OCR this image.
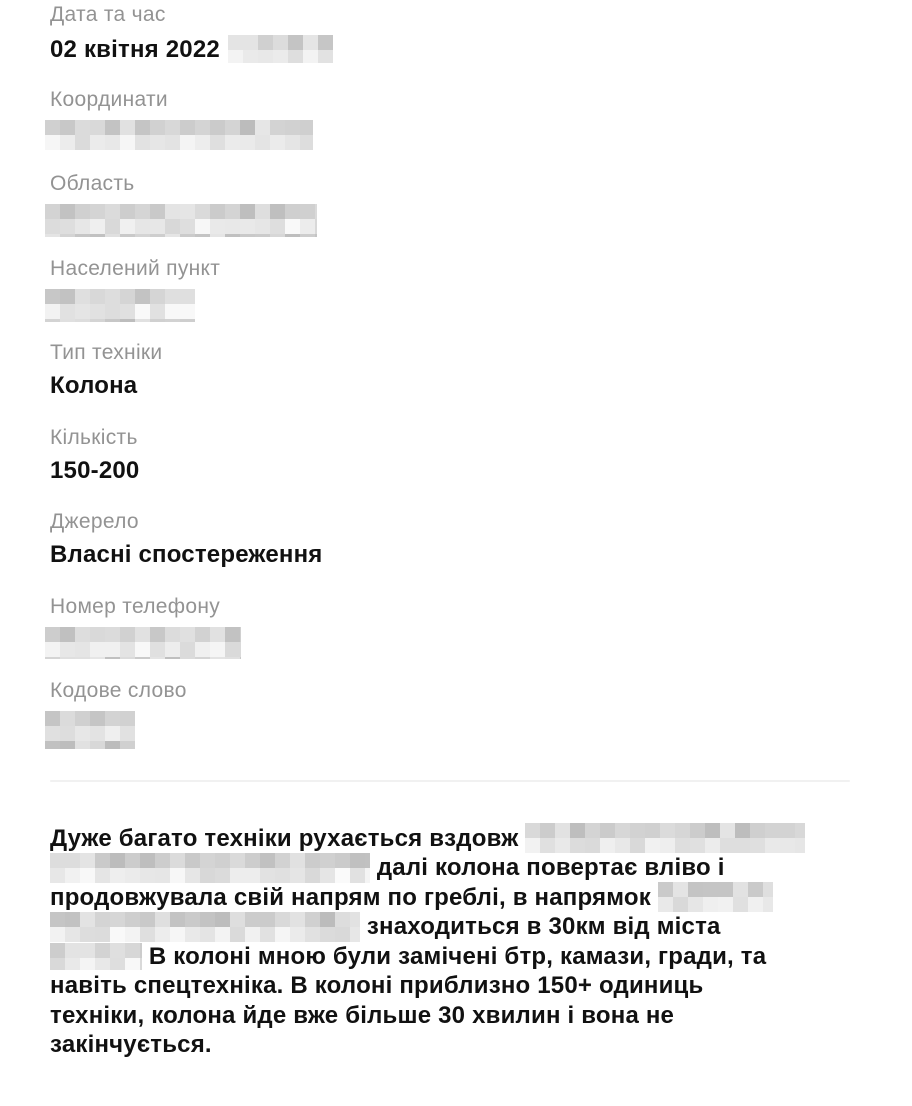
Дата та час
02 квітня 2022
Координати
Область
Населений пункт
Тип техніки
Колона
Кількість
150-200
Джерело
Власні спостереження
Номер телефону
Кодове слово
Дуже багато техніки рухається вздовж
далі колона повертає вліво і
продовжувала свій напрям по греблі, в напрямок
знаходиться в 30км від міста
В колоні мною були замічені бтр, камази, гради, та
навіть спецтехніка. В колоні приблизно 150+ одиниць
техніки, колона йде вже більше 30 хвилин і вона не
закінчується.
